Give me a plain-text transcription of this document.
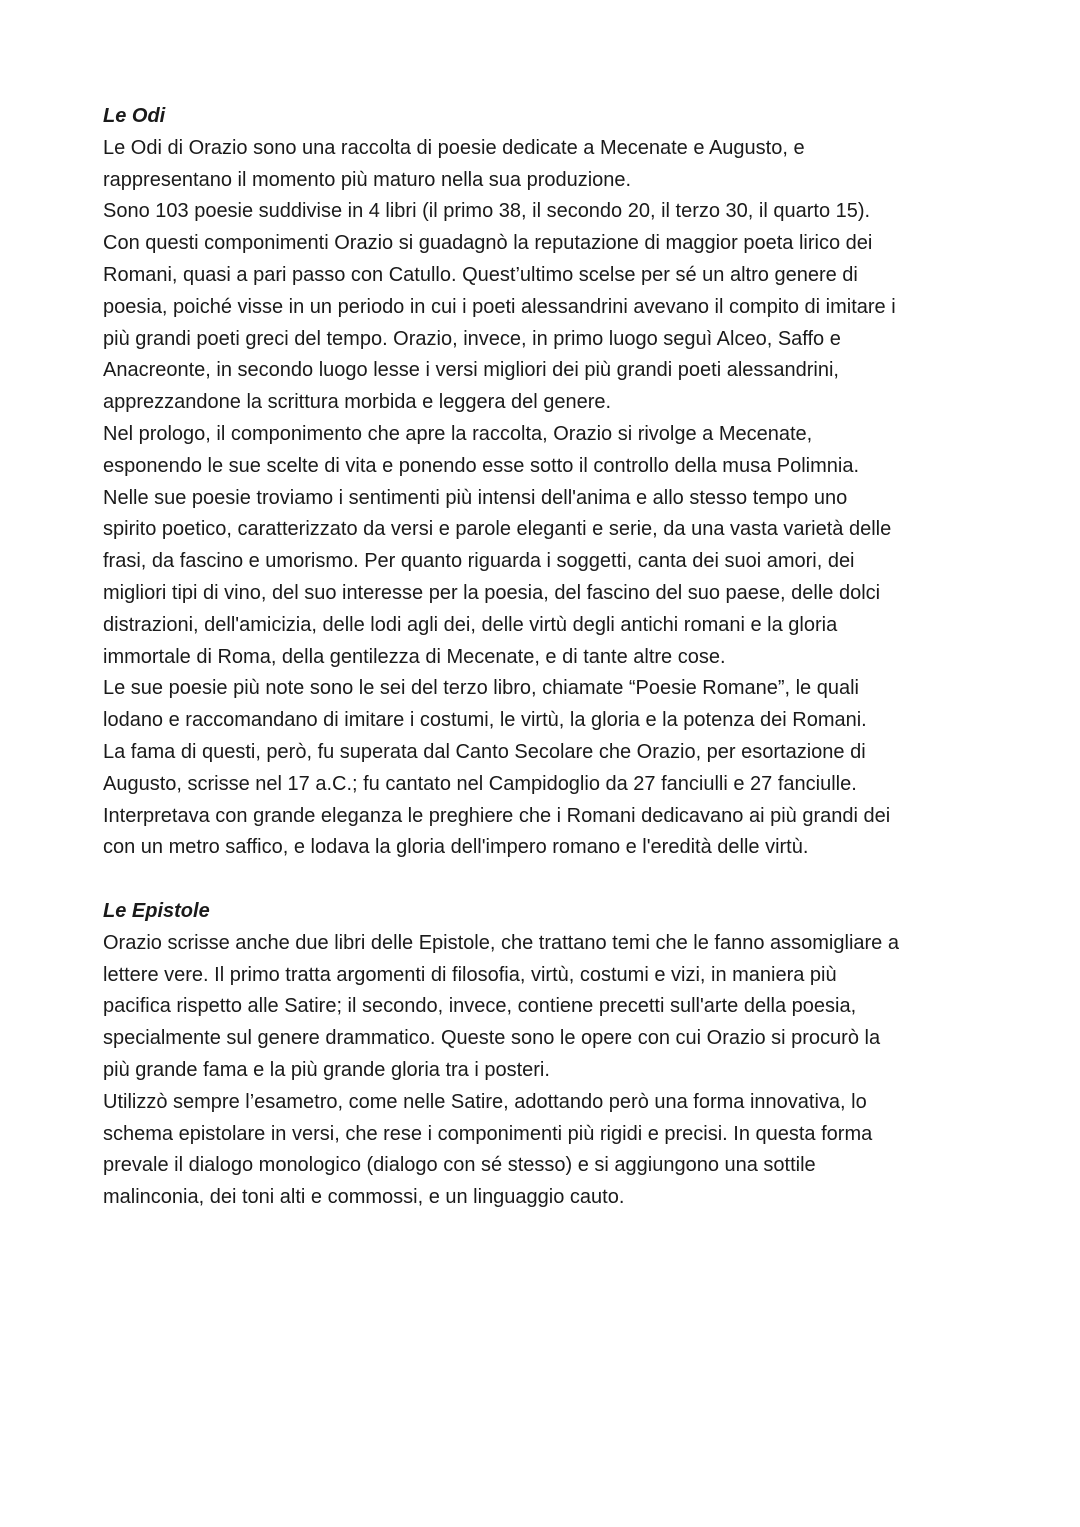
Le Odi

Le Odi di Orazio sono una raccolta di poesie dedicate a Mecenate e Augusto, e

rappresentano il momento più maturo nella sua produzione.

Sono 103 poesie suddivise in 4 libri (il primo 38, il secondo 20, il terzo 30, il quarto 15).

Con questi componimenti Orazio si guadagnò la reputazione di maggior poeta lirico dei

Romani, quasi a pari passo con Catullo. Quest’ultimo scelse per sé un altro genere di

poesia, poiché visse in un periodo in cui i poeti alessandrini avevano il compito di imitare i

più grandi poeti greci del tempo. Orazio, invece, in primo luogo seguì Alceo, Saffo e

Anacreonte, in secondo luogo lesse i versi migliori dei più grandi poeti alessandrini,

apprezzandone la scrittura morbida e leggera del genere.

Nel prologo, il componimento che apre la raccolta, Orazio si rivolge a Mecenate,

esponendo le sue scelte di vita e ponendo esse sotto il controllo della musa Polimnia.

Nelle sue poesie troviamo i sentimenti più intensi dell'anima e allo stesso tempo uno

spirito poetico, caratterizzato da versi e parole eleganti e serie, da una vasta varietà delle

frasi, da fascino e umorismo. Per quanto riguarda i soggetti, canta dei suoi amori, dei

migliori tipi di vino, del suo interesse per la poesia, del fascino del suo paese, delle dolci

distrazioni, dell'amicizia, delle lodi agli dei, delle virtù degli antichi romani e la gloria

immortale di Roma, della gentilezza di Mecenate, e di tante altre cose.

Le sue poesie più note sono le sei del terzo libro, chiamate “Poesie Romane”, le quali

lodano e raccomandano di imitare i costumi, le virtù, la gloria e la potenza dei Romani.

La fama di questi, però, fu superata dal Canto Secolare che Orazio, per esortazione di

Augusto, scrisse nel 17 a.C.; fu cantato nel Campidoglio da 27 fanciulli e 27 fanciulle.

Interpretava con grande eleganza le preghiere che i Romani dedicavano ai più grandi dei

con un metro saffico, e lodava la gloria dell'impero romano e l'eredità delle virtù.

Le Epistole

Orazio scrisse anche due libri delle Epistole, che trattano temi che le fanno assomigliare a

lettere vere. Il primo tratta argomenti di filosofia, virtù, costumi e vizi, in maniera più

pacifica rispetto alle Satire; il secondo, invece, contiene precetti sull'arte della poesia,

specialmente sul genere drammatico. Queste sono le opere con cui Orazio si procurò la

più grande fama e la più grande gloria tra i posteri.

Utilizzò sempre l’esametro, come nelle Satire, adottando però una forma innovativa, lo

schema epistolare in versi, che rese i componimenti più rigidi e precisi. In questa forma

prevale il dialogo monologico (dialogo con sé stesso) e si aggiungono una sottile

malinconia, dei toni alti e commossi, e un linguaggio cauto.
